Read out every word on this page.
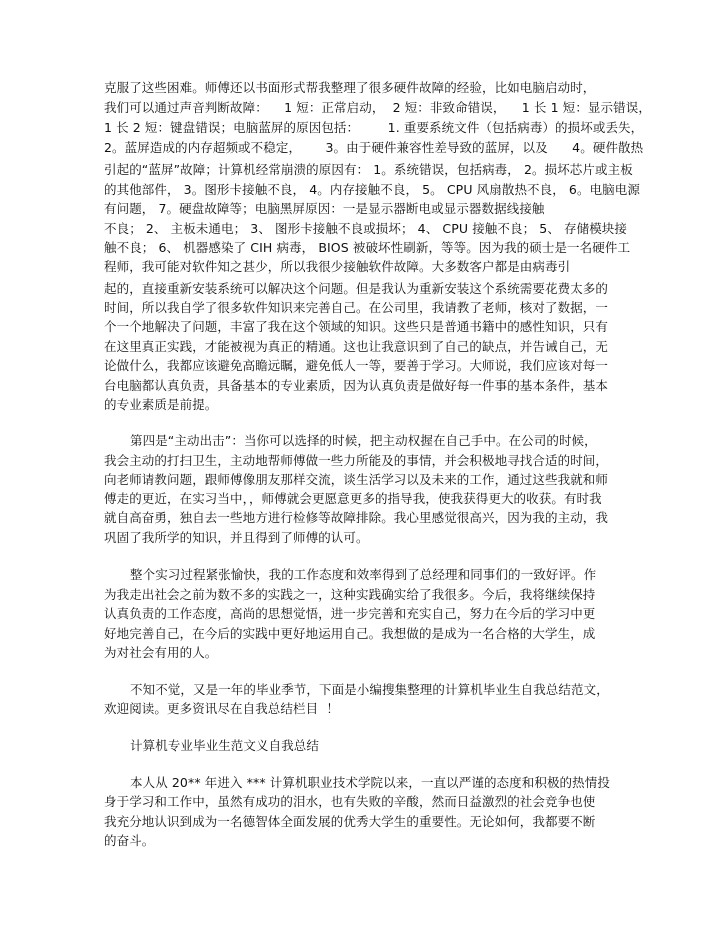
克服了这些困难。师傅还以书面形式帮我整理了很多硬件故障的经验，比如电脑启动时，
我们可以通过声音判断故障：    1 短：正常启动，  2 短：非致命错误，    1 长 1 短：显示错误，
1 长 2 短：键盘错误；电脑蓝屏的原因包括：       1. 重要系统文件（包括病毒）的损坏或丢失，
2。蓝屏造成的内存超频或不稳定，      3。由于硬件兼容性差导致的蓝屏，以及      4。硬件散热
引起的“蓝屏”故障；计算机经常崩溃的原因有： 1。系统错误，包括病毒， 2。损坏芯片或主板
的其他部件， 3。图形卡接触不良， 4。内存接触不良， 5。 CPU 风扇散热不良， 6。电脑电源
有问题， 7。硬盘故障等；电脑黑屏原因：一是显示器断电或显示器数据线接触
不良； 2、 主板未通电； 3、 图形卡接触不良或损坏； 4、 CPU 接触不良； 5、 存储模块接
触不良； 6、 机器感染了 CIH 病毒， BIOS 被破坏性刷新，等等。因为我的硕士是一名硬件工
程师，我可能对软件知之甚少，所以我很少接触软件故障。大多数客户都是由病毒引
起的，直接重新安装系统可以解决这个问题。但是我认为重新安装这个系统需要花费太多的
时间，所以我自学了很多软件知识来完善自己。在公司里，我请教了老师，核对了数据，一
个一个地解决了问题，丰富了我在这个领域的知识。这些只是普通书籍中的感性知识，只有
在这里真正实践，才能被视为真正的精通。这也让我意识到了自己的缺点，并告诫自己，无
论做什么，我都应该避免高瞻远瞩，避免低人一等，要善于学习。大师说，我们应该对每一
台电脑都认真负责，具备基本的专业素质，因为认真负责是做好每一件事的基本条件，基本
的专业素质是前提。
第四是“主动出击”：当你可以选择的时候，把主动权握在自己手中。在公司的时候，
我会主动的打扫卫生，主动地帮师傅做一些力所能及的事情，并会积极地寻找合适的时间，
向老师请教问题，跟师傅像朋友那样交流，谈生活学习以及未来的工作，通过这些我就和师
傅走的更近，在实习当中，，师傅就会更愿意更多的指导我，使我获得更大的收获。有时我
就自高奋勇，独自去一些地方进行检修等故障排除。我心里感觉很高兴，因为我的主动，我
巩固了我所学的知识，并且得到了师傅的认可。
整个实习过程紧张愉快，我的工作态度和效率得到了总经理和同事们的一致好评。作
为我走出社会之前为数不多的实践之一，这种实践确实给了我很多。今后，我将继续保持
认真负责的工作态度，高尚的思想觉悟，进一步完善和充实自己，努力在今后的学习中更
好地完善自己，在今后的实践中更好地运用自己。我想做的是成为一名合格的大学生，成
为对社会有用的人。
不知不觉，又是一年的毕业季节，下面是小编搜集整理的计算机毕业生自我总结范文，
欢迎阅读。更多资讯尽在自我总结栏目  ！
计算机专业毕业生范文义自我总结
本人从 20** 年进入 *** 计算机职业技术学院以来，一直以严谨的态度和积极的热情投
身于学习和工作中，虽然有成功的泪水，也有失败的辛酸，然而日益激烈的社会竞争也使
我充分地认识到成为一名德智体全面发展的优秀大学生的重要性。无论如何，我都要不断
的奋斗。
